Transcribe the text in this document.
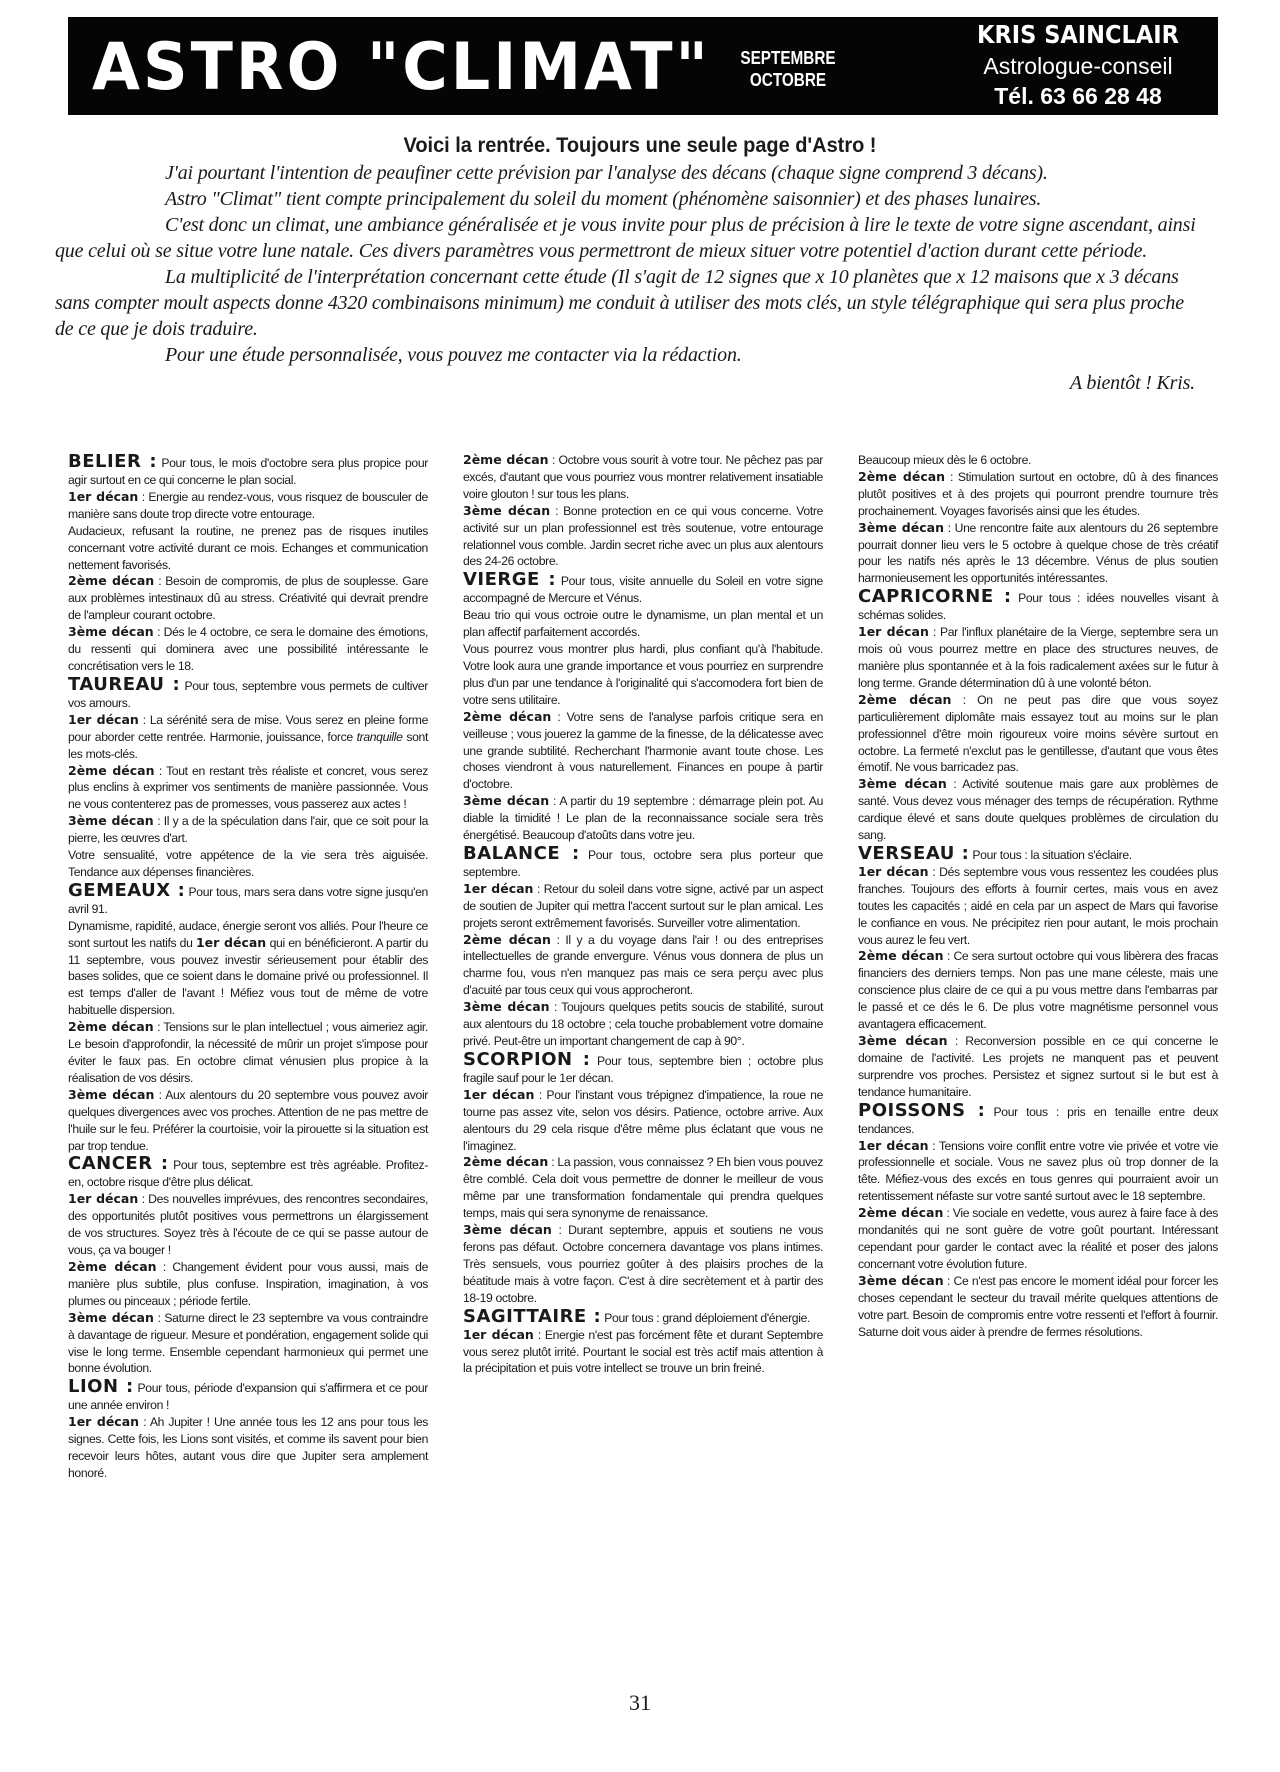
ASTRO "CLIMAT" SEPTEMBRE
OCTOBRE
KRIS SAINCLAIR
Astrologue-conseil
Tél. 63 66 28 48
Voici la rentrée. Toujours une seule page d'Astro !

J'ai pourtant l'intention de peaufiner cette prévision par l'analyse des décans (chaque signe comprend 3 décans).

Astro "Climat" tient compte principalement du soleil du moment (phénomène saisonnier) et des phases lunaires.

C'est donc un climat, une ambiance généralisée et je vous invite pour plus de précision à lire le texte de votre signe ascendant, ainsi que celui où se situe votre lune natale. Ces divers paramètres vous permettront de mieux situer votre potentiel d'action durant cette période.

La multiplicité de l'interprétation concernant cette étude (Il s'agit de 12 signes que x 10 planètes que x 12 maisons que x 3 décans sans compter moult aspects donne 4320 combinaisons minimum) me conduit à utiliser des mots clés, un style télégraphique qui sera plus proche de ce que je dois traduire.

Pour une étude personnalisée, vous pouvez me contacter via la rédaction.

A bientôt ! Kris.

BELIER : Pour tous, le mois d'octobre sera plus propice pour agir surtout en ce qui concerne le plan social.

1er décan : Energie au rendez-vous, vous risquez de bousculer de manière sans doute trop directe votre entourage.

Audacieux, refusant la routine, ne prenez pas de risques inutiles concernant votre activité durant ce mois. Echanges et communication nettement favorisés.

2ème décan : Besoin de compromis, de plus de souplesse. Gare aux problèmes intestinaux dû au stress. Créativité qui devrait prendre de l'ampleur courant octobre.

3ème décan : Dés le 4 octobre, ce sera le domaine des émotions, du ressenti qui dominera avec une possibilité intéressante le concrétisation vers le 18.

TAUREAU : Pour tous, septembre vous permets de cultiver vos amours.

1er décan : La sérénité sera de mise. Vous serez en pleine forme pour aborder cette rentrée. Harmonie, jouissance, force tranquille sont les mots-clés.

2ème décan : Tout en restant très réaliste et concret, vous serez plus enclins à exprimer vos sentiments de manière passionnée. Vous ne vous contenterez pas de promesses, vous passerez aux actes !

3ème décan : Il y a de la spéculation dans l'air, que ce soit pour la pierre, les œuvres d'art.

Votre sensualité, votre appétence de la vie sera très aiguisée. Tendance aux dépenses financières.

GEMEAUX : Pour tous, mars sera dans votre signe jusqu'en avril 91.

Dynamisme, rapidité, audace, énergie seront vos alliés. Pour l'heure ce sont surtout les natifs du 1er décan qui en bénéficieront. A partir du 11 septembre, vous pouvez investir sérieusement pour établir des bases solides, que ce soient dans le domaine privé ou professionnel. Il est temps d'aller de l'avant ! Méfiez vous tout de même de votre habituelle dispersion.

2ème décan : Tensions sur le plan intellectuel ; vous aimeriez agir. Le besoin d'approfondir, la nécessité de mûrir un projet s'impose pour éviter le faux pas. En octobre climat vénusien plus propice à la réalisation de vos désirs.

3ème décan : Aux alentours du 20 septembre vous pouvez avoir quelques divergences avec vos proches. Attention de ne pas mettre de l'huile sur le feu. Préférer la courtoisie, voir la pirouette si la situation est par trop tendue.

CANCER : Pour tous, septembre est très agréable. Profitez-en, octobre risque d'être plus délicat.

1er décan : Des nouvelles imprévues, des rencontres secondaires, des opportunités plutôt positives vous permettrons un élargissement de vos structures. Soyez très à l'écoute de ce qui se passe autour de vous, ça va bouger !

2ème décan : Changement évident pour vous aussi, mais de manière plus subtile, plus confuse. Inspiration, imagination, à vos plumes ou pinceaux ; période fertile.

3ème décan : Saturne direct le 23 septembre va vous contraindre à davantage de rigueur. Mesure et pondération, engagement solide qui vise le long terme. Ensemble cependant harmonieux qui permet une bonne évolution.

LION : Pour tous, période d'expansion qui s'affirmera et ce pour une année environ !

1er décan : Ah Jupiter ! Une année tous les 12 ans pour tous les signes. Cette fois, les Lions sont visités, et comme ils savent pour bien recevoir leurs hôtes, autant vous dire que Jupiter sera amplement honoré.

2ème décan : Octobre vous sourit à votre tour. Ne pêchez pas par excés, d'autant que vous pourriez vous montrer relativement insatiable voire glouton ! sur tous les plans.

3ème décan : Bonne protection en ce qui vous concerne. Votre activité sur un plan professionnel est très soutenue, votre entourage relationnel vous comble. Jardin secret riche avec un plus aux alentours des 24-26 octobre.

VIERGE : Pour tous, visite annuelle du Soleil en votre signe accompagné de Mercure et Vénus.

Beau trio qui vous octroie outre le dynamisme, un plan mental et un plan affectif parfaitement accordés.

Vous pourrez vous montrer plus hardi, plus confiant qu'à l'habitude. Votre look aura une grande importance et vous pourriez en surprendre plus d'un par une tendance à l'originalité qui s'accomodera fort bien de votre sens utilitaire.

2ème décan : Votre sens de l'analyse parfois critique sera en veilleuse ; vous jouerez la gamme de la finesse, de la délicatesse avec une grande subtilité. Recherchant l'harmonie avant toute chose. Les choses viendront à vous naturellement. Finances en poupe à partir d'octobre.

3ème décan : A partir du 19 septembre : démarrage plein pot. Au diable la timidité ! Le plan de la reconnaissance sociale sera très énergétisé. Beaucoup d'atoûts dans votre jeu.

BALANCE : Pour tous, octobre sera plus porteur que septembre.

1er décan : Retour du soleil dans votre signe, activé par un aspect de soutien de Jupiter qui mettra l'accent surtout sur le plan amical. Les projets seront extrêmement favorisés. Surveiller votre alimentation.

2ème décan : Il y a du voyage dans l'air ! ou des entreprises intellectuelles de grande envergure. Vénus vous donnera de plus un charme fou, vous n'en manquez pas mais ce sera perçu avec plus d'acuité par tous ceux qui vous approcheront.

3ème décan : Toujours quelques petits soucis de stabilité, surout aux alentours du 18 octobre ; cela touche probablement votre domaine privé. Peut-être un important changement de cap à 90°.

SCORPION : Pour tous, septembre bien ; octobre plus fragile sauf pour le 1er décan.

1er décan : Pour l'instant vous trépignez d'impatience, la roue ne tourne pas assez vite, selon vos désirs. Patience, octobre arrive. Aux alentours du 29 cela risque d'être même plus éclatant que vous ne l'imaginez.

2ème décan : La passion, vous connaissez ? Eh bien vous pouvez être comblé. Cela doit vous permettre de donner le meilleur de vous même par une transformation fondamentale qui prendra quelques temps, mais qui sera synonyme de renaissance.

3ème décan : Durant septembre, appuis et soutiens ne vous ferons pas défaut. Octobre concernera davantage vos plans intimes. Très sensuels, vous pourriez goûter à des plaisirs proches de la béatitude mais à votre façon. C'est à dire secrètement et à partir des 18-19 octobre.

SAGITTAIRE : Pour tous : grand déploiement d'énergie.

1er décan : Energie n'est pas forcément fête et durant Septembre vous serez plutôt irrité. Pourtant le social est très actif mais attention à la précipitation et puis votre intellect se trouve un brin freiné.

Beaucoup mieux dès le 6 octobre.

2ème décan : Stimulation surtout en octobre, dû à des finances plutôt positives et à des projets qui pourront prendre tournure très prochainement. Voyages favorisés ainsi que les études.

3ème décan : Une rencontre faite aux alentours du 26 septembre pourrait donner lieu vers le 5 octobre à quelque chose de très créatif pour les natifs nés après le 13 décembre. Vénus de plus soutien harmonieusement les opportunités intéressantes.

CAPRICORNE : Pour tous : idées nouvelles visant à schémas solides.

1er décan : Par l'influx planétaire de la Vierge, septembre sera un mois où vous pourrez mettre en place des structures neuves, de manière plus spontannée et à la fois radicalement axées sur le futur à long terme. Grande détermination dû à une volonté béton.

2ème décan : On ne peut pas dire que vous soyez particulièrement diplomâte mais essayez tout au moins sur le plan professionnel d'être moin rigoureux voire moins sévère surtout en octobre. La fermeté n'exclut pas le gentillesse, d'autant que vous êtes émotif. Ne vous barricadez pas.

3ème décan : Activité soutenue mais gare aux problèmes de santé. Vous devez vous ménager des temps de récupération. Rythme cardique élevé et sans doute quelques problèmes de circulation du sang.

VERSEAU : Pour tous : la situation s'éclaire.

1er décan : Dés septembre vous vous ressentez les coudées plus franches. Toujours des efforts à fournir certes, mais vous en avez toutes les capacités ; aidé en cela par un aspect de Mars qui favorise le confiance en vous. Ne précipitez rien pour autant, le mois prochain vous aurez le feu vert.

2ème décan : Ce sera surtout octobre qui vous libèrera des fracas financiers des derniers temps. Non pas une mane céleste, mais une conscience plus claire de ce qui a pu vous mettre dans l'embarras par le passé et ce dés le 6. De plus votre magnétisme personnel vous avantagera efficacement.

3ème décan : Reconversion possible en ce qui concerne le domaine de l'activité. Les projets ne manquent pas et peuvent surprendre vos proches. Persistez et signez surtout si le but est à tendance humanitaire.

POISSONS : Pour tous : pris en tenaille entre deux tendances.

1er décan : Tensions voire conflit entre votre vie privée et votre vie professionnelle et sociale. Vous ne savez plus où trop donner de la tête. Méfiez-vous des excés en tous genres qui pourraient avoir un retentissement néfaste sur votre santé surtout avec le 18 septembre.

2ème décan : Vie sociale en vedette, vous aurez à faire face à des mondanités qui ne sont guère de votre goût pourtant. Intéressant cependant pour garder le contact avec la réalité et poser des jalons concernant votre évolution future.

3ème décan : Ce n'est pas encore le moment idéal pour forcer les choses cependant le secteur du travail mérite quelques attentions de votre part. Besoin de compromis entre votre ressenti et l'effort à fournir. Saturne doit vous aider à prendre de fermes résolutions.

31
